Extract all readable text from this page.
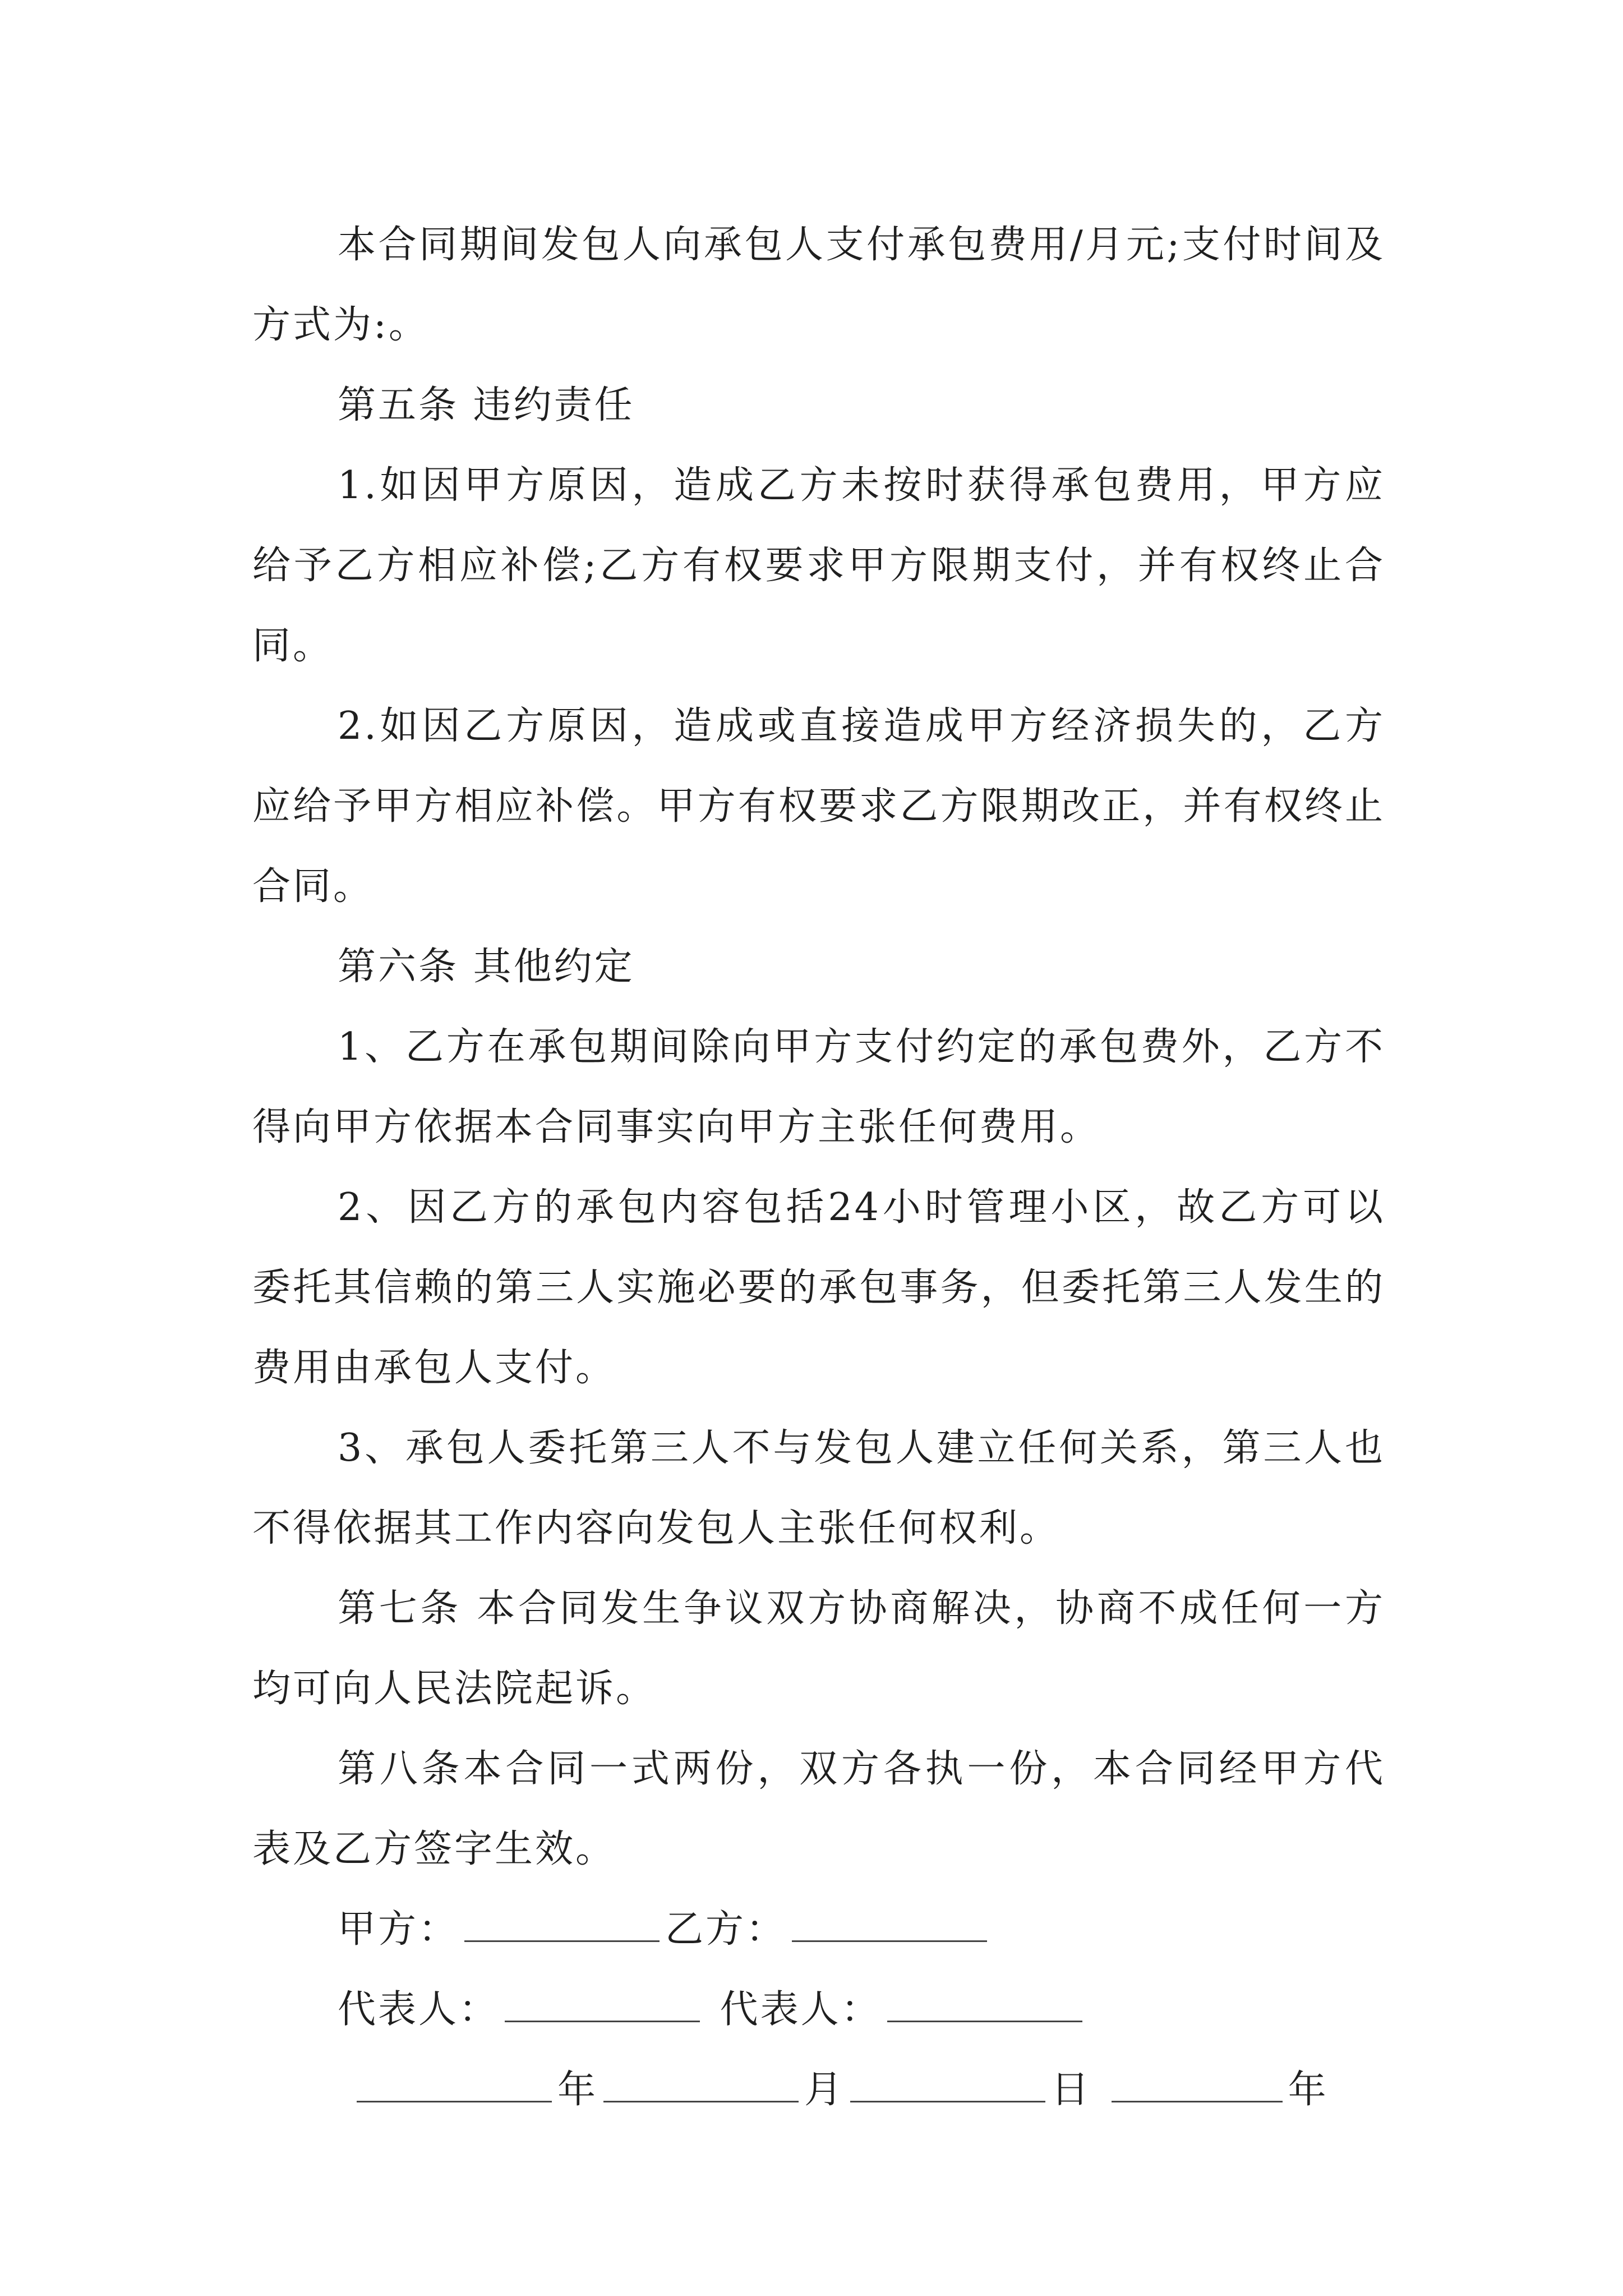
本合同期间发包人向承包人支付承包费用/月元;支付时间及方式为:。

第五条 违约责任

1.如因甲方原因，造成乙方未按时获得承包费用，甲方应给予乙方相应补偿;乙方有权要求甲方限期支付，并有权终止合同。

2.如因乙方原因，造成或直接造成甲方经济损失的，乙方应给予甲方相应补偿。甲方有权要求乙方限期改正，并有权终止合同。

第六条 其他约定

1、乙方在承包期间除向甲方支付约定的承包费外，乙方不得向甲方依据本合同事实向甲方主张任何费用。

2、因乙方的承包内容包括24小时管理小区，故乙方可以委托其信赖的第三人实施必要的承包事务，但委托第三人发生的费用由承包人支付。

3、承包人委托第三人不与发包人建立任何关系，第三人也不得依据其工作内容向发包人主张任何权利。

第七条 本合同发生争议双方协商解决，协商不成任何一方均可向人民法院起诉。

第八条本合同一式两份，双方各执一份，本合同经甲方代表及乙方签字生效。

甲方：	乙方：

代表人：	代表人：

年	月	日	年
